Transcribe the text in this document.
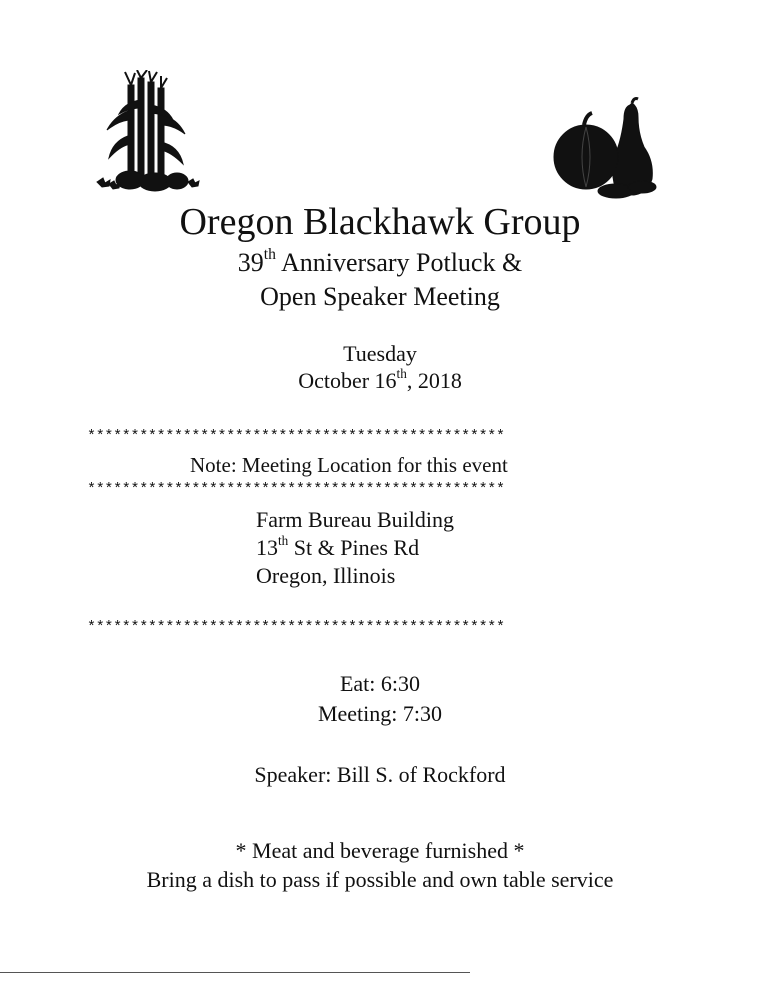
Oregon Blackhawk Group
39th Anniversary Potluck &
Open Speaker Meeting
Tuesday
October 16th, 2018
************************************************
Note: Meeting Location for this event
************************************************
Farm Bureau Building
13th St & Pines Rd
Oregon, Illinois
************************************************
Eat: 6:30
Meeting: 7:30
Speaker: Bill S. of Rockford
* Meat and beverage furnished *
Bring a dish to pass if possible and own table service
